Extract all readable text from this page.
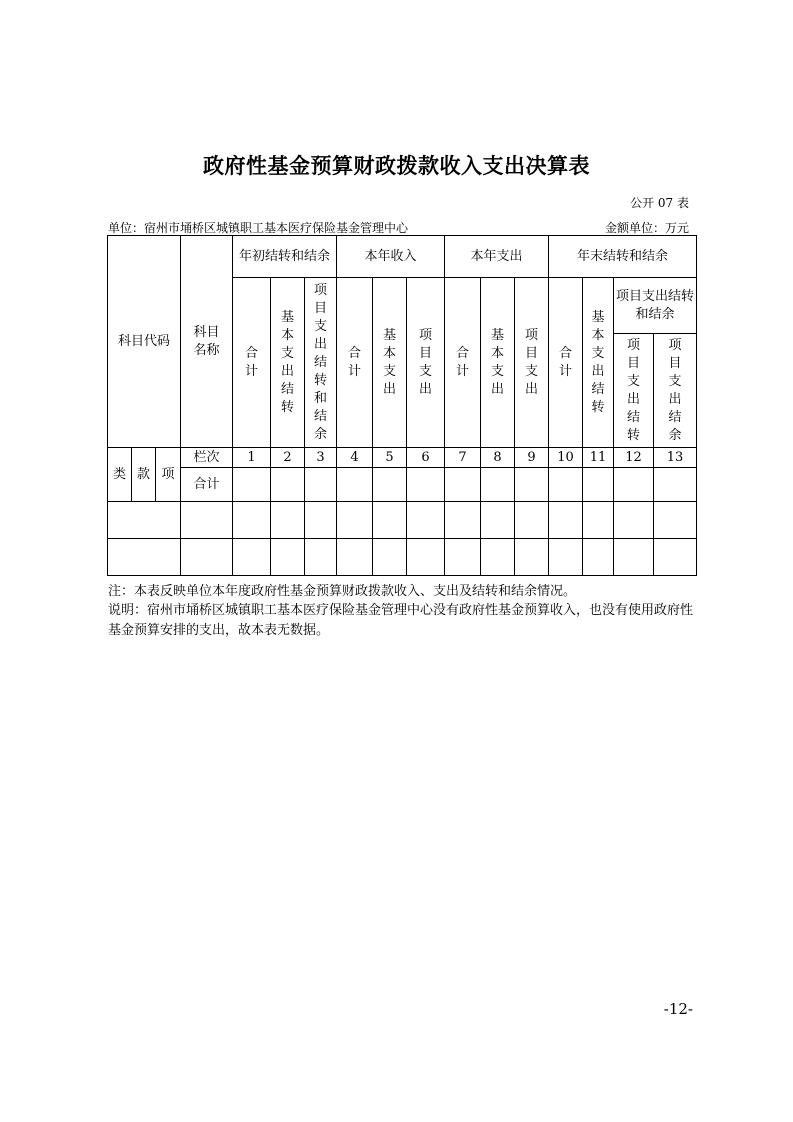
政府性基金预算财政拨款收入支出决算表
公开 07 表
单位：宿州市埇桥区城镇职工基本医疗保险基金管理中心	金额单位：万元
科目代码			科目名称	年初结转和结余			本年收入			本年支出			年末结转和结余			
				合计	基本支出结转	项目支出结转和结余	合计	基本支出	项目支出	合计	基本支出	项目支出	合计	基本支出结转	项目支出结转和结余	
															项目支出结转	项目支出结余
类	款	项	栏次	1	2	3	4	5	6	7	8	9	10	11	12	13
			合计													

注：本表反映单位本年度政府性基金预算财政拨款收入、支出及结转和结余情况。
说明：宿州市埇桥区城镇职工基本医疗保险基金管理中心没有政府性基金预算收入，也没有使用政府性基金预算安排的支出，故本表无数据。
-12-
